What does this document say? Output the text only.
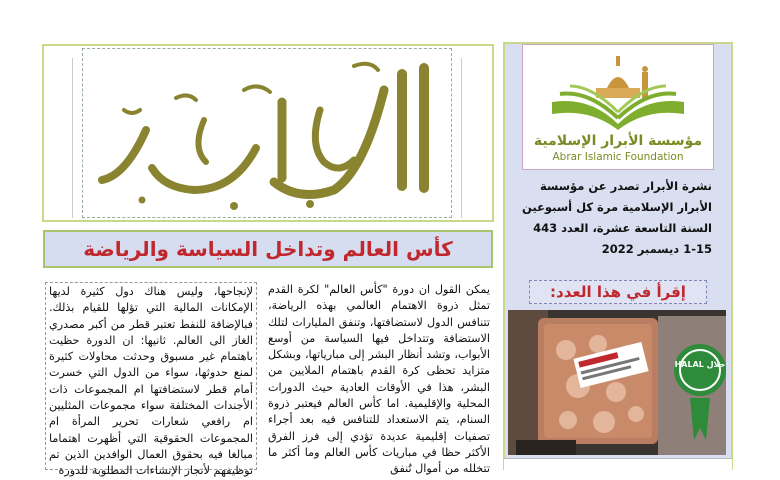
كأس العالم وتداخل السياسة والرياضة
يمكن القول ان دورة "كأس العالم" لكرة القدم تمثل ذروة الاهتمام العالمي بهذه الرياضة، تتنافس الدول لاستضافتها، وتنفق المليارات لتلك الاستضافة وتتداخل فيها السياسة من أوسع الأبواب، وتشد أنظار البشر إلى مبارياتها، وبشكل متزايد تحظى كرة القدم باهتمام الملايين من البشر، هذا في الأوقات العادية حيث الدورات المحلية والإقليمية. اما كأس العالم فيعتبر ذروة السنام، يتم الاستعداد للتنافس فيه بعد أجراء تصفيات إقليمية عديدة تؤدي إلى فرز الفرق الأكثر حظا في مباريات كأس العالم وما أكثر ما تتخلله من أموال تُنفق
لإنجاحها، وليس هناك دول كثيرة لديها الإمكانات المالية التي تؤلها للقيام بذلك. فبالإضافة للنفط تعتبر قطر من أكبر مصدري الغاز الى العالم. ثانيها: ان الدورة حظيت باهتمام غير مسبوق وحدثت محاولات كثيرة لمنع حدوثها، سواء من الدول التي خسرت أمام قطر لاستضافتها ام المجموعات ذات الأجندات المختلفة سواء مجموعات المثليين ام رافعي شعارات تحرير المرأة ام المجموعات الحقوقية التي أظهرت اهتماما مبالغا فيه بحقوق العمال الوافدين الذين تم توظيفهم لأنجاز الإنشاءات المطلوبة للدورة
مؤسسة الأبرار الإسلامية
Abrar Islamic Foundation
نشرة الأبرار تصدر عن مؤسسة
الأبرار الإسلامية مرة كل أسبوعين
السنة التاسعة عشرة، العدد 443
1-15 ديسمبر 2022
إقرأ في هذا العدد:
HALAL حلال
